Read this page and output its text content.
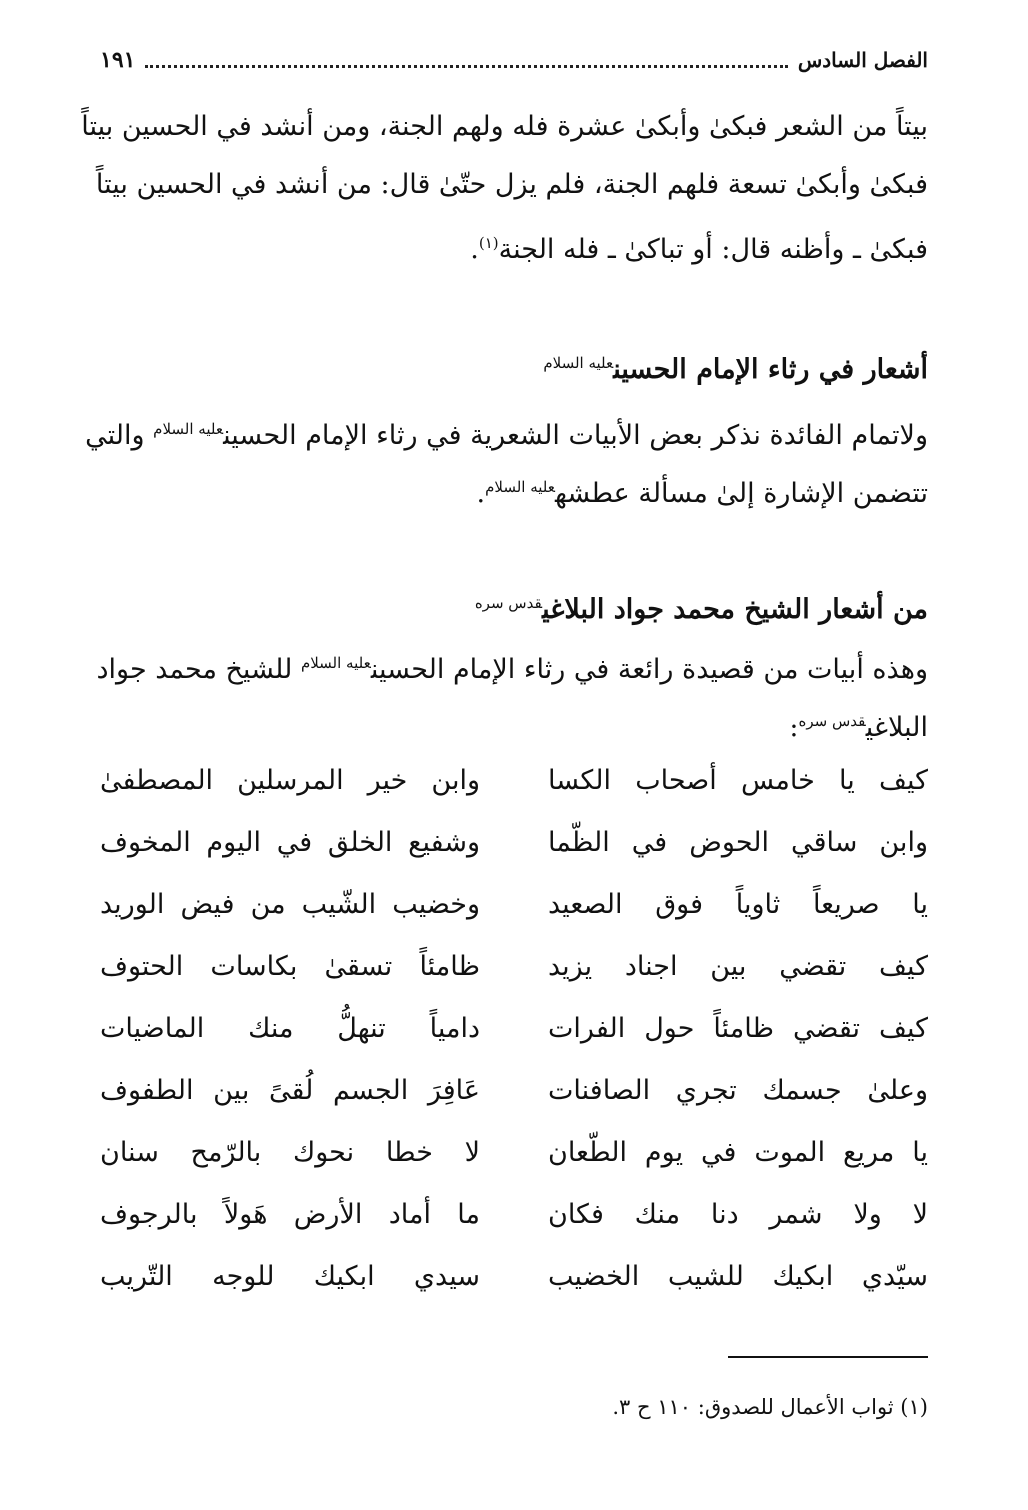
الفصل السادس
١٩١
بيتاً من الشعر فبكىٰ وأبكىٰ عشرة فله ولهم الجنة، ومن أنشد في الحسين بيتاً
فبكىٰ وأبكىٰ تسعة فلهم الجنة، فلم يزل حتّىٰ قال: من أنشد في الحسين بيتاً
فبكىٰ ـ وأظنه قال: أو تباكىٰ ـ فله الجنة$^{(١)}$.
أشعار في رثاء الإمام الحسين$^{عليه السلام}$
ولاتمام الفائدة نذكر بعض الأبيات الشعرية في رثاء الإمام الحسين$^{عليه السلام}$ والتي
تتضمن الإشارة إلىٰ مسألة عطشه$^{عليه السلام}$.
من أشعار الشيخ محمد جواد البلاغي$^{قدس سره}$
وهذه أبيات من قصيدة رائعة في رثاء الإمام الحسين$^{عليه السلام}$ للشيخ محمد جواد
البلاغي$^{قدس سره}$:
كيف يا خامس أصحاب الكسا
وابن خير المرسلين المصطفىٰ
وابن ساقي الحوض في الظّما
وشفيع الخلق في اليوم المخوف
يا صريعاً ثاوياً فوق الصعيد
وخضيب الشّيب من فيض الوريد
كيف تقضي بين اجناد يزيد
ظامئاً تسقىٰ بكاسات الحتوف
كيف تقضي ظامئاً حول الفرات
دامياً تنهلُّ منك الماضيات
وعلىٰ جسمك تجري الصافنات
عَافِرَ الجسم لُقىً بين الطفوف
يا مريع الموت في يوم الطّعان
لا خطا نحوك بالرّمح سنان
لا ولا شمر دنا منك فكان
ما أماد الأرض هَولاً بالرجوف
سيّدي ابكيك للشيب الخضيب
سيدي ابكيك للوجه التّريب
(١) ثواب الأعمال للصدوق: ١١٠ ح ٣.
